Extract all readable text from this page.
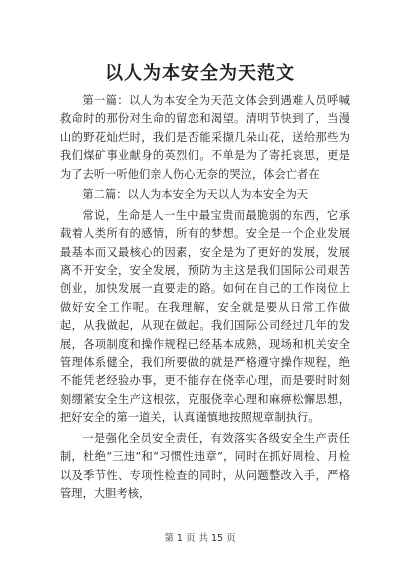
以人为本安全为天范文

第一篇：以人为本安全为天范文体会到遇难人员呼喊救命时的那份对生命的留恋和渴望。清明节快到了，当漫山的野花灿烂时，我们是否能采撷几朵山花，送给那些为我们煤矿事业献身的英烈们。不单是为了寄托哀思，更是为了去听一听他们亲人伤心无奈的哭泣，体会亡者在

第二篇：以人为本安全为天以人为本安全为天

常说，生命是人一生中最宝贵而最脆弱的东西，它承载着人类所有的感情，所有的梦想。安全是一个企业发展最基本而又最核心的因素，安全是为了更好的发展，发展离不开安全，安全发展，预防为主这是我们国际公司艰苦创业，加快发展一直要走的路。如何在自己的工作岗位上做好安全工作呢。在我理解，安全就是要从日常工作做起，从我做起，从现在做起。我们国际公司经过几年的发展，各项制度和操作规程已经基本成熟，现场和机关安全管理体系健全，我们所要做的就是严格遵守操作规程，绝不能凭老经验办事，更不能存在侥幸心理，而是要时时刻刻绷紧安全生产这根弦，克服侥幸心理和麻痹松懈思想，把好安全的第一道关，认真谨慎地按照规章制执行。

一是强化全员安全责任，有效落实各级安全生产责任制，杜绝“三违”和“习惯性违章”，同时在抓好周检、月检以及季节性、专项性检查的同时，从问题整改入手，严格管理，大胆考核，

第 1 页 共 15 页
